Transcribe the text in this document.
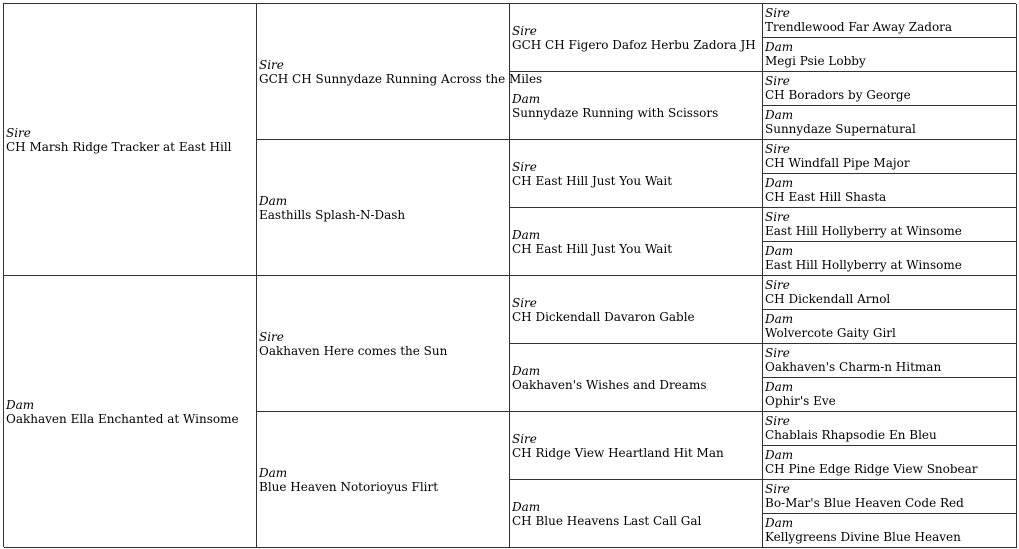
Sire
CH Marsh Ridge Tracker at East Hill
Dam
Oakhaven Ella Enchanted at Winsome
Sire
GCH CH Sunnydaze Running Across the Miles
Dam
Easthills Splash-N-Dash
Sire
Oakhaven Here comes the Sun
Dam
Blue Heaven Notorioyus Flirt
Sire
GCH CH Figero Dafoz Herbu Zadora JH
Dam
Sunnydaze Running with Scissors
Sire
CH East Hill Just You Wait
Dam
CH East Hill Just You Wait
Sire
CH Dickendall Davaron Gable
Dam
Oakhaven's Wishes and Dreams
Sire
CH Ridge View Heartland Hit Man
Dam
CH Blue Heavens Last Call Gal
Sire
Trendlewood Far Away Zadora
Dam
Megi Psie Lobby
Sire
CH Boradors by George
Dam
Sunnydaze Supernatural
Sire
CH Windfall Pipe Major
Dam
CH East Hill Shasta
Sire
East Hill Hollyberry at Winsome
Dam
East Hill Hollyberry at Winsome
Sire
CH Dickendall Arnol
Dam
Wolvercote Gaity Girl
Sire
Oakhaven's Charm-n Hitman
Dam
Ophir's Eve
Sire
Chablais Rhapsodie En Bleu
Dam
CH Pine Edge Ridge View Snobear
Sire
Bo-Mar's Blue Heaven Code Red
Dam
Kellygreens Divine Blue Heaven
